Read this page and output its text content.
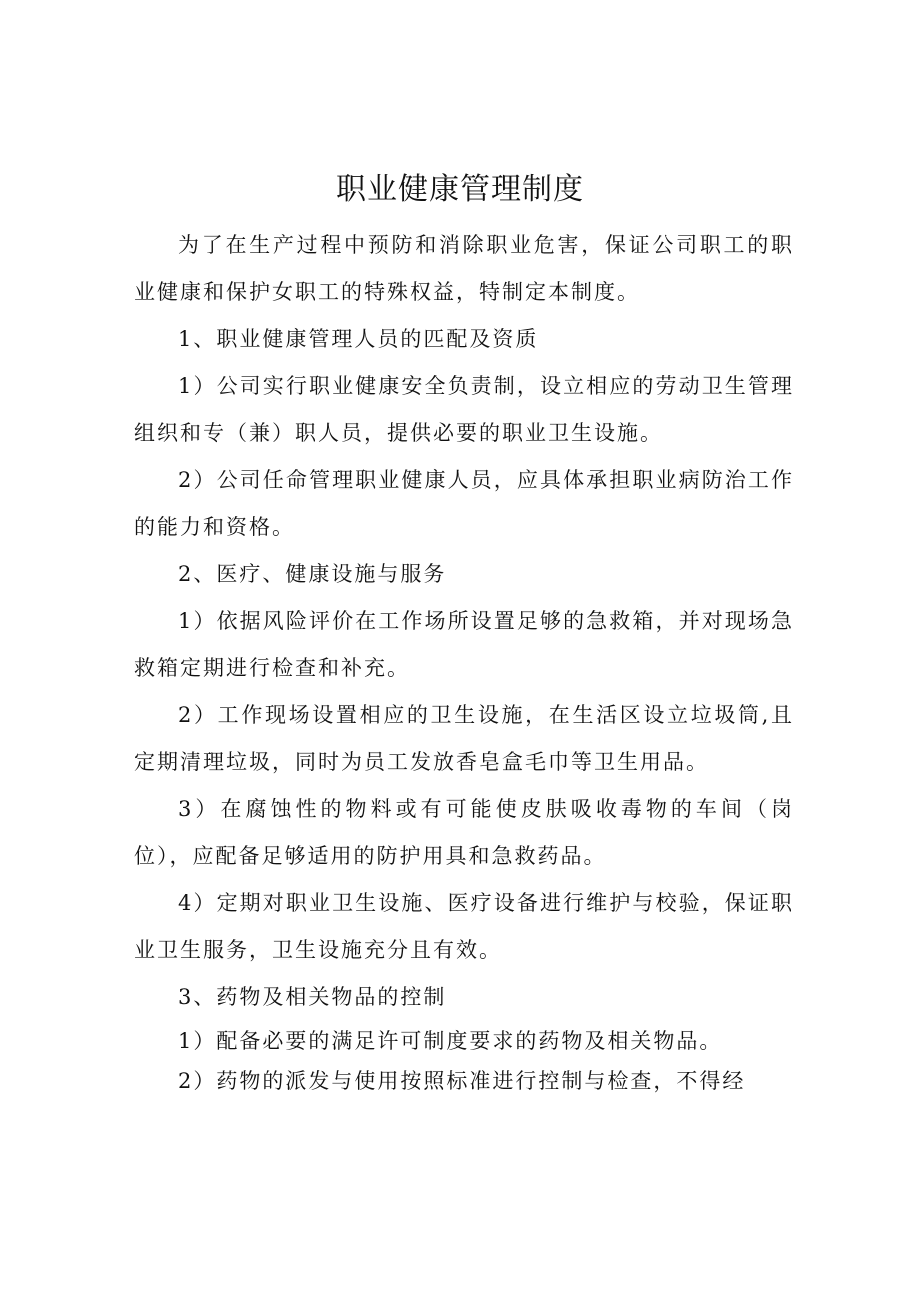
职业健康管理制度

为了在生产过程中预防和消除职业危害，保证公司职工的职业健康和保护女职工的特殊权益，特制定本制度。

1、职业健康管理人员的匹配及资质

1）公司实行职业健康安全负责制，设立相应的劳动卫生管理组织和专（兼）职人员，提供必要的职业卫生设施。

2）公司任命管理职业健康人员，应具体承担职业病防治工作的能力和资格。

2、医疗、健康设施与服务

1）依据风险评价在工作场所设置足够的急救箱，并对现场急救箱定期进行检查和补充。

2）工作现场设置相应的卫生设施，在生活区设立垃圾筒,且定期清理垃圾，同时为员工发放香皂盒毛巾等卫生用品。

3）在腐蚀性的物料或有可能使皮肤吸收毒物的车间（岗位），应配备足够适用的防护用具和急救药品。

4）定期对职业卫生设施、医疗设备进行维护与校验，保证职业卫生服务，卫生设施充分且有效。

3、药物及相关物品的控制

1）配备必要的满足许可制度要求的药物及相关物品。

2）药物的派发与使用按照标准进行控制与检查，不得经
